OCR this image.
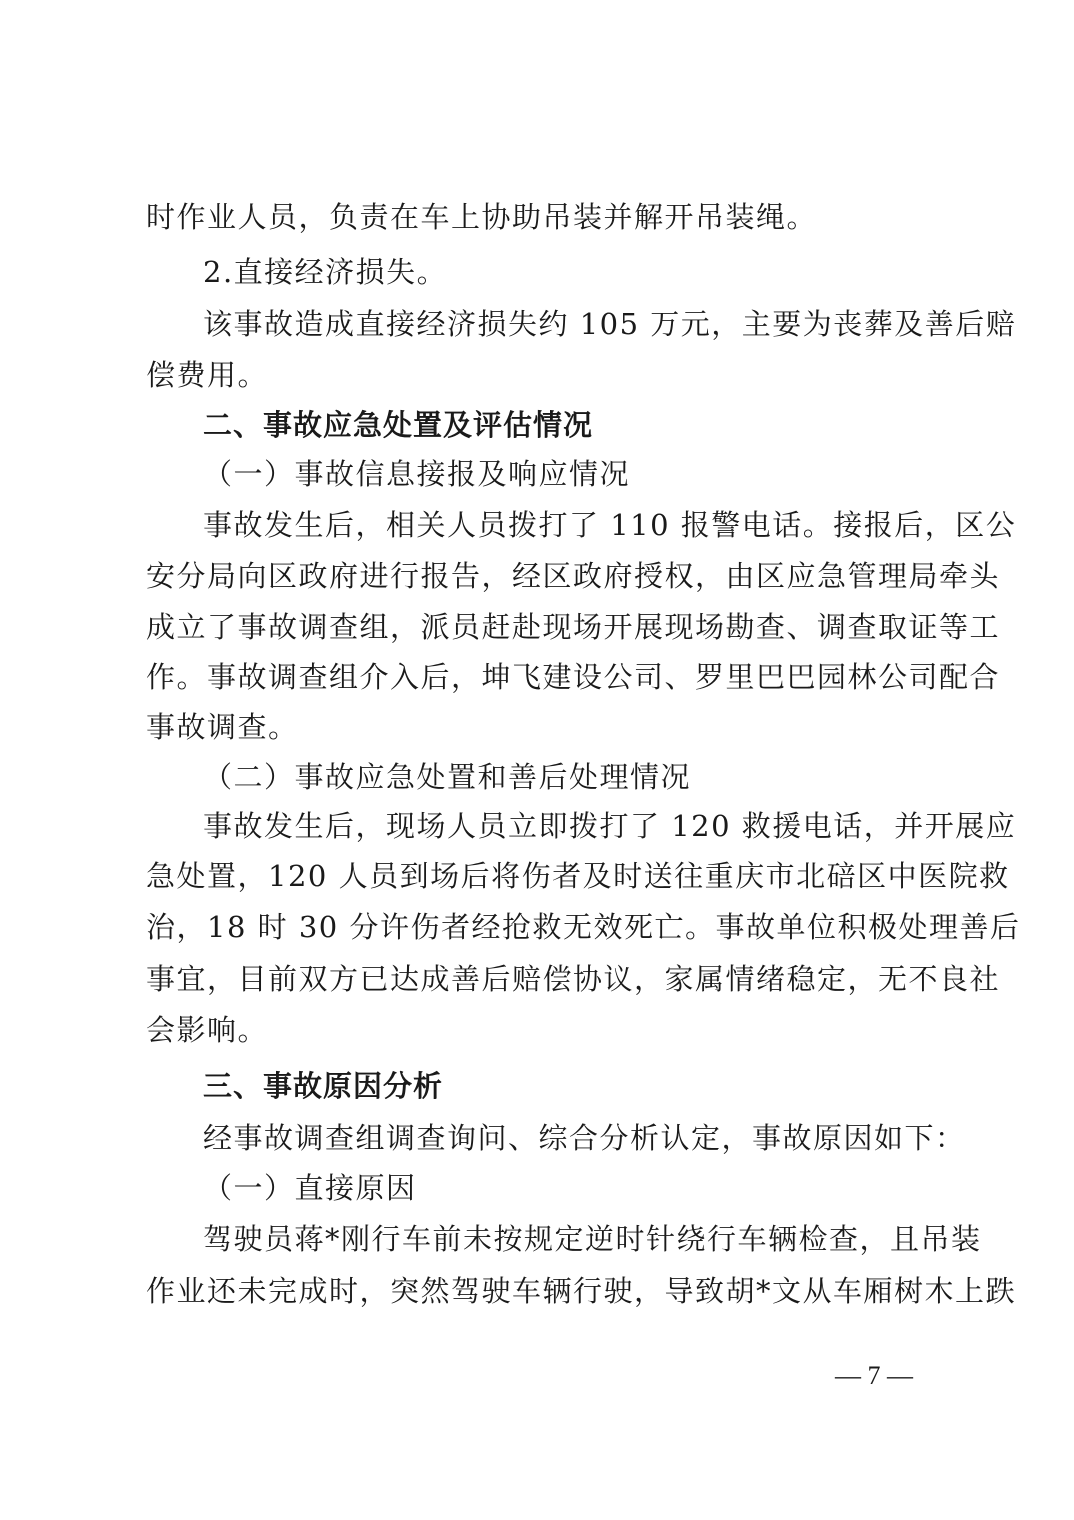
时作业人员，负责在车上协助吊装并解开吊装绳。
2.直接经济损失。
该事故造成直接经济损失约 105 万元，主要为丧葬及善后赔
偿费用。
二、事故应急处置及评估情况
（一）事故信息接报及响应情况
事故发生后，相关人员拨打了 110 报警电话。接报后，区公
安分局向区政府进行报告，经区政府授权，由区应急管理局牵头
成立了事故调查组，派员赶赴现场开展现场勘查、调查取证等工
作。事故调查组介入后，坤飞建设公司、罗里巴巴园林公司配合
事故调查。
（二）事故应急处置和善后处理情况
事故发生后，现场人员立即拨打了 120 救援电话，并开展应
急处置，120 人员到场后将伤者及时送往重庆市北碚区中医院救
治，18 时 30 分许伤者经抢救无效死亡。事故单位积极处理善后
事宜，目前双方已达成善后赔偿协议，家属情绪稳定，无不良社
会影响。
三、事故原因分析
经事故调查组调查询问、综合分析认定，事故原因如下：
（一）直接原因
驾驶员蒋*刚行车前未按规定逆时针绕行车辆检查，且吊装
作业还未完成时，突然驾驶车辆行驶，导致胡*文从车厢树木上跌
— 7 —
